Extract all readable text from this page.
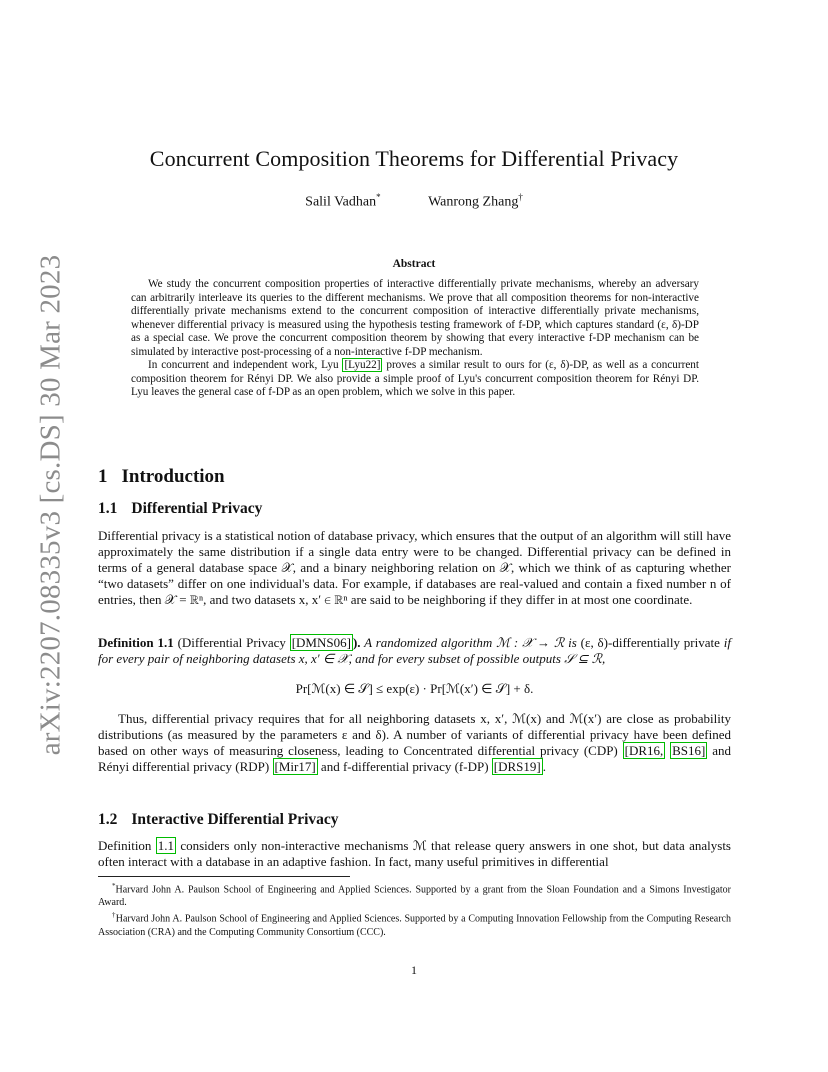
arXiv:2207.08335v3 [cs.DS] 30 Mar 2023
Concurrent Composition Theorems for Differential Privacy
Salil Vadhan*	Wanrong Zhang†
Abstract

We study the concurrent composition properties of interactive differentially private mechanisms, whereby an adversary can arbitrarily interleave its queries to the different mechanisms. We prove that all composition theorems for non-interactive differentially private mechanisms extend to the concurrent composition of interactive differentially private mechanisms, whenever differential privacy is measured using the hypothesis testing framework of f-DP, which captures standard (ε, δ)-DP as a special case. We prove the concurrent composition theorem by showing that every interactive f-DP mechanism can be simulated by interactive post-processing of a non-interactive f-DP mechanism.

In concurrent and independent work, Lyu [Lyu22] proves a similar result to ours for (ε, δ)-DP, as well as a concurrent composition theorem for Rényi DP. We also provide a simple proof of Lyu's concurrent composition theorem for Rényi DP. Lyu leaves the general case of f-DP as an open problem, which we solve in this paper.

1 Introduction
1.1 Differential Privacy

Differential privacy is a statistical notion of database privacy, which ensures that the output of an algorithm will still have approximately the same distribution if a single data entry were to be changed. Differential privacy can be defined in terms of a general database space 𝒳, and a binary neighboring relation on 𝒳, which we think of as capturing whether “two datasets” differ on one individual's data. For example, if databases are real-valued and contain a fixed number n of entries, then 𝒳 = ℝⁿ, and two datasets x, x′ ∈ ℝⁿ are said to be neighboring if they differ in at most one coordinate.

Definition 1.1 (Differential Privacy [DMNS06] ). A randomized algorithm ℳ : 𝒳 → ℛ is (ε, δ)-differentially private if for every pair of neighboring datasets x, x′ ∈ 𝒳, and for every subset of possible outputs 𝒮 ⊆ ℛ,

Pr[ℳ(x) ∈ 𝒮] ≤ exp(ε) · Pr[ℳ(x′) ∈ 𝒮] + δ.

Thus, differential privacy requires that for all neighboring datasets x, x′, ℳ(x) and ℳ(x′) are close as probability distributions (as measured by the parameters ε and δ). A number of variants of differential privacy have been defined based on other ways of measuring closeness, leading to Concentrated differential privacy (CDP) [DR16, BS16] and Rényi differential privacy (RDP) [Mir17] and f-differential privacy (f-DP) [DRS19] .

1.2 Interactive Differential Privacy

Definition 1.1 considers only non-interactive mechanisms ℳ that release query answers in one shot, but data analysts often interact with a database in an adaptive fashion. In fact, many useful primitives in differential

*Harvard John A. Paulson School of Engineering and Applied Sciences. Supported by a grant from the Sloan Foundation and a Simons Investigator Award.

†Harvard John A. Paulson School of Engineering and Applied Sciences. Supported by a Computing Innovation Fellowship from the Computing Research Association (CRA) and the Computing Community Consortium (CCC).

1
